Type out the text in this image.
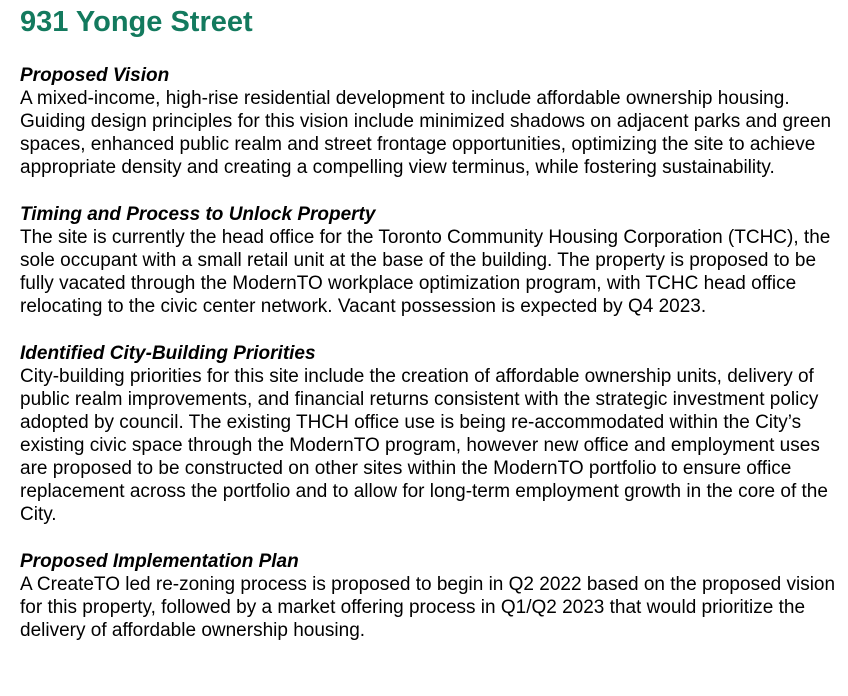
931 Yonge Street

Proposed Vision

A mixed-income, high-rise residential development to include affordable ownership housing. Guiding design principles for this vision include minimized shadows on adjacent parks and green spaces, enhanced public realm and street frontage opportunities, optimizing the site to achieve appropriate density and creating a compelling view terminus, while fostering sustainability.

Timing and Process to Unlock Property

The site is currently the head office for the Toronto Community Housing Corporation (TCHC), the sole occupant with a small retail unit at the base of the building. The property is proposed to be fully vacated through the ModernTO workplace optimization program, with TCHC head office relocating to the civic center network. Vacant possession is expected by Q4 2023.

Identified City-Building Priorities

City-building priorities for this site include the creation of affordable ownership units, delivery of public realm improvements, and financial returns consistent with the strategic investment policy adopted by council. The existing THCH office use is being re-accommodated within the City’s existing civic space through the ModernTO program, however new office and employment uses are proposed to be constructed on other sites within the ModernTO portfolio to ensure office replacement across the portfolio and to allow for long-term employment growth in the core of the City.

Proposed Implementation Plan

A CreateTO led re-zoning process is proposed to begin in Q2 2022 based on the proposed vision for this property, followed by a market offering process in Q1/Q2 2023 that would prioritize the delivery of affordable ownership housing.
